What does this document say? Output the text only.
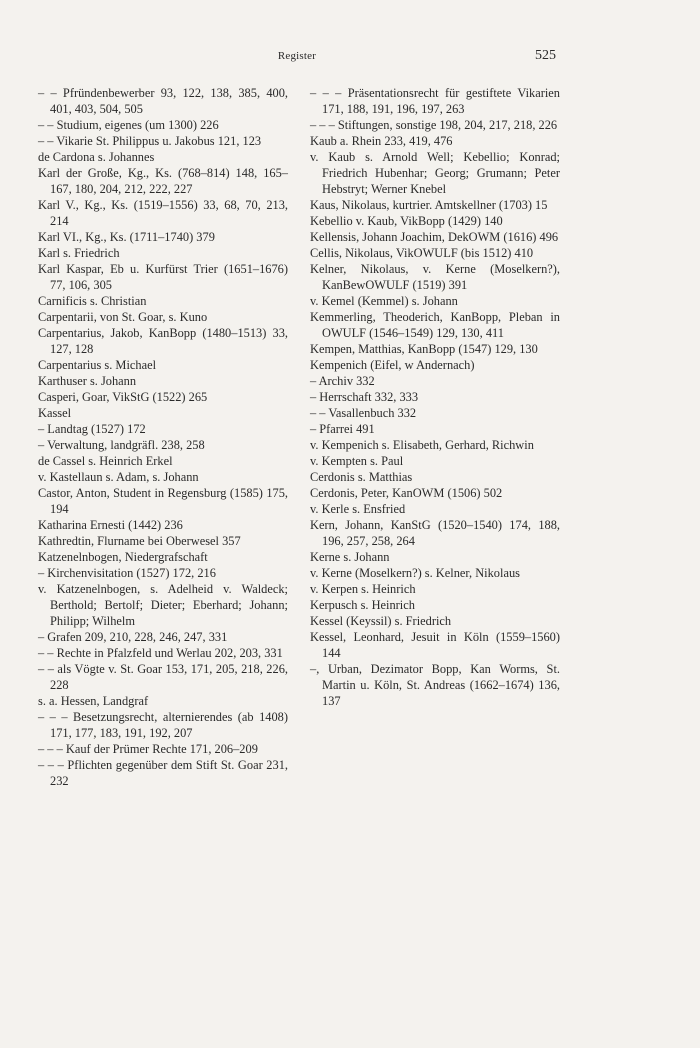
Register	525
– – Pfründenbewerber 93, 122, 138, 385, 400, 401, 403, 504, 505
– – Studium, eigenes (um 1300) 226
– – Vikarie St. Philippus u. Jakobus 121, 123
de Cardona s. Johannes
Karl der Große, Kg., Ks. (768–814) 148, 165–167, 180, 204, 212, 222, 227
Karl V., Kg., Ks. (1519–1556) 33, 68, 70, 213, 214
Karl VI., Kg., Ks. (1711–1740) 379
Karl s. Friedrich
Karl Kaspar, Eb u. Kurfürst Trier (1651–1676) 77, 106, 305
Carnificis s. Christian
Carpentarii, von St. Goar, s. Kuno
Carpentarius, Jakob, KanBopp (1480–1513) 33, 127, 128
Carpentarius s. Michael
Karthuser s. Johann
Casperi, Goar, VikStG (1522) 265
Kassel
– Landtag (1527) 172
– Verwaltung, landgräfl. 238, 258
de Cassel s. Heinrich Erkel
v. Kastellaun s. Adam, s. Johann
Castor, Anton, Student in Regensburg (1585) 175, 194
Katharina Ernesti (1442) 236
Kathredtin, Flurname bei Oberwesel 357
Katzenelnbogen, Niedergrafschaft
– Kirchenvisitation (1527) 172, 216
v. Katzenelnbogen, s. Adelheid v. Waldeck; Berthold; Bertolf; Dieter; Eberhard; Johann; Philipp; Wilhelm
– Grafen 209, 210, 228, 246, 247, 331
– – Rechte in Pfalzfeld und Werlau 202, 203, 331
– – als Vögte v. St. Goar 153, 171, 205, 218, 226, 228
s. a. Hessen, Landgraf
– – – Besetzungsrecht, alternierendes (ab 1408) 171, 177, 183, 191, 192, 207
– – – Kauf der Prümer Rechte 171, 206–209
– – – Pflichten gegenüber dem Stift St. Goar 231, 232
– – – Präsentationsrecht für gestiftete Vikarien 171, 188, 191, 196, 197, 263
– – – Stiftungen, sonstige 198, 204, 217, 218, 226
Kaub a. Rhein 233, 419, 476
v. Kaub s. Arnold Well; Kebellio; Konrad; Friedrich Hubenhar; Georg; Grumann; Peter Hebstryt; Werner Knebel
Kaus, Nikolaus, kurtrier. Amtskellner (1703) 15
Kebellio v. Kaub, VikBopp (1429) 140
Kellensis, Johann Joachim, DekOWM (1616) 496
Cellis, Nikolaus, VikOWULF (bis 1512) 410
Kelner, Nikolaus, v. Kerne (Moselkern?), KanBewOWULF (1519) 391
v. Kemel (Kemmel) s. Johann
Kemmerling, Theoderich, KanBopp, Pleban in OWULF (1546–1549) 129, 130, 411
Kempen, Matthias, KanBopp (1547) 129, 130
Kempenich (Eifel, w Andernach)
– Archiv 332
– Herrschaft 332, 333
– – Vasallenbuch 332
– Pfarrei 491
v. Kempenich s. Elisabeth, Gerhard, Richwin
v. Kempten s. Paul
Cerdonis s. Matthias
Cerdonis, Peter, KanOWM (1506) 502
v. Kerle s. Ensfried
Kern, Johann, KanStG (1520–1540) 174, 188, 196, 257, 258, 264
Kerne s. Johann
v. Kerne (Moselkern?) s. Kelner, Nikolaus
v. Kerpen s. Heinrich
Kerpusch s. Heinrich
Kessel (Keyssil) s. Friedrich
Kessel, Leonhard, Jesuit in Köln (1559–1560) 144
–, Urban, Dezimator Bopp, Kan Worms, St. Martin u. Köln, St. Andreas (1662–1674) 136, 137
